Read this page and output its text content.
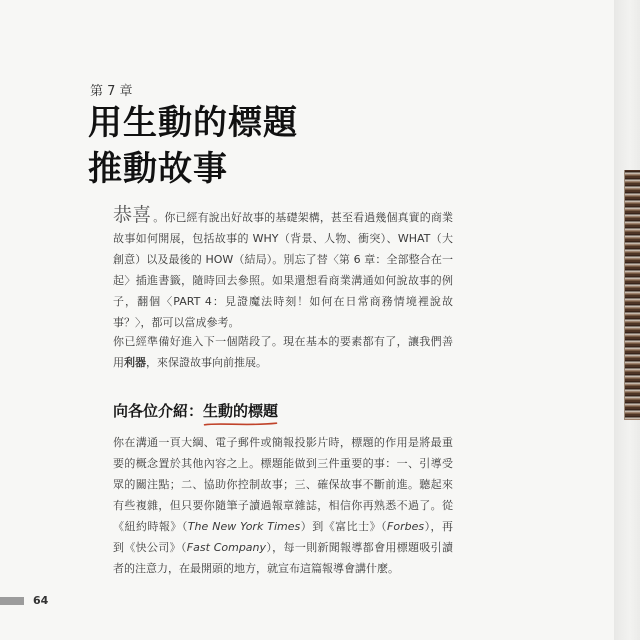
第 7 章
用生動的標題
推動故事
恭喜 。你已經有說出好故事的基礎架構，甚至看過幾個真實的商業故事如何開展，包括故事的 WHY（背景、人物、衝突）、WHAT（大創意）以及最後的 HOW（結局）。別忘了替〈第 6 章：全部整合在一起〉插進書籤，隨時回去參照。如果還想看商業溝通如何說故事的例子，翻個〈PART 4：見證魔法時刻！如何在日常商務情境裡說故事？〉，都可以當成參考。
你已經準備好進入下一個階段了。現在基本的要素都有了，讓我們善用利器，來保證故事向前推展。
向各位介紹：生動的標題
你在溝通一頁大綱、電子郵件或簡報投影片時，標題的作用是將最重要的概念置於其他內容之上。標題能做到三件重要的事：一、引導受眾的關注點；二、協助你控制故事；三、確保故事不斷前進。聽起來有些複雜，但只要你隨筆子讀過報章雜誌，相信你再熟悉不過了。從《紐約時報》（The New York Times）到《富比士》（Forbes），再到《快公司》（Fast Company），每一則新聞報導都會用標題吸引讀者的注意力，在最開頭的地方，就宣布這篇報導會講什麼。
64
